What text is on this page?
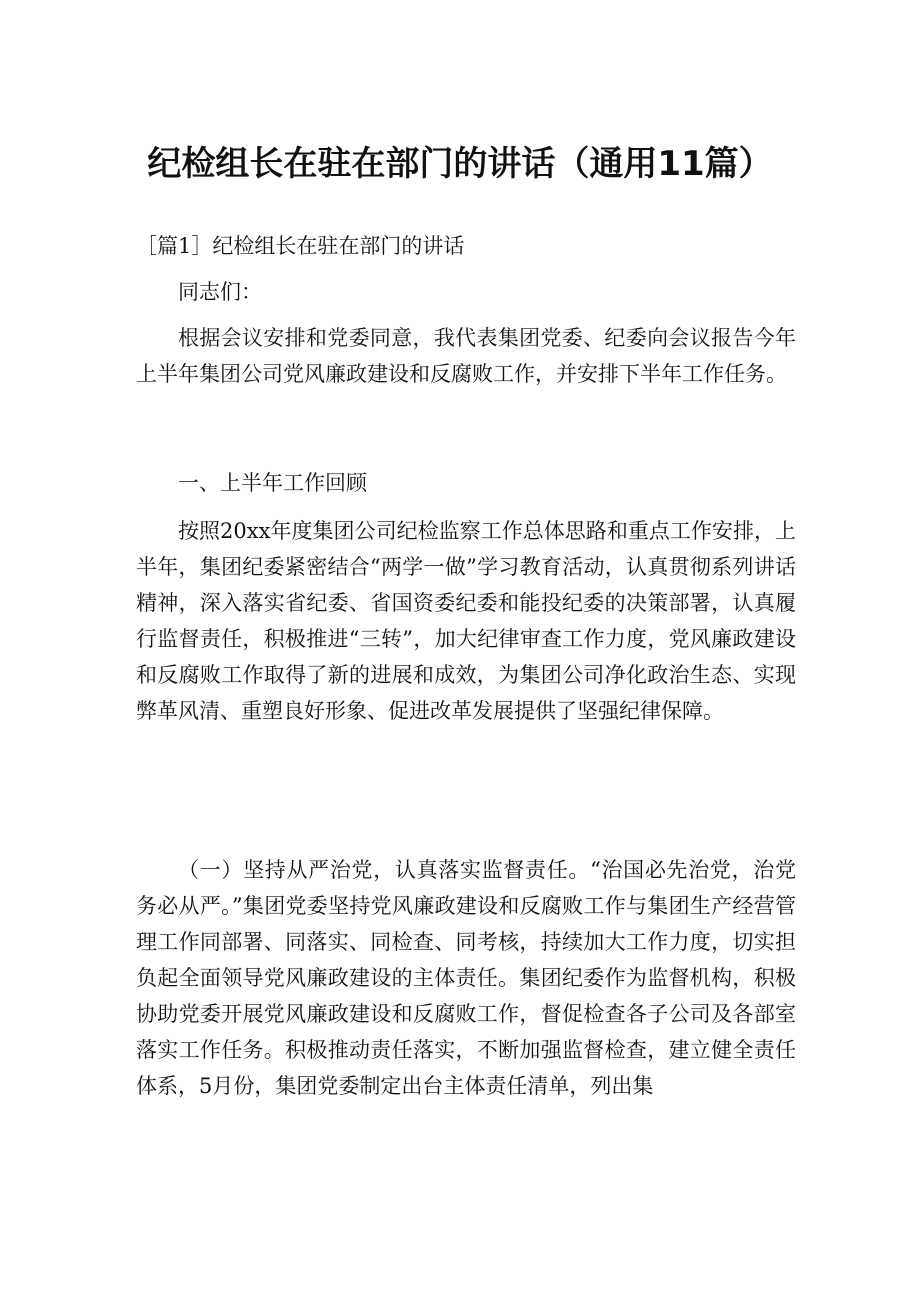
纪检组长在驻在部门的讲话（通用11篇）
［篇1］纪检组长在驻在部门的讲话
同志们：

根据会议安排和党委同意，我代表集团党委、纪委向会议报告今年上半年集团公司党风廉政建设和反腐败工作，并安排下半年工作任务。

一、上半年工作回顾

按照20xx年度集团公司纪检监察工作总体思路和重点工作安排，上半年，集团纪委紧密结合“两学一做”学习教育活动，认真贯彻系列讲话精神，深入落实省纪委、省国资委纪委和能投纪委的决策部署，认真履行监督责任，积极推进“三转”，加大纪律审查工作力度，党风廉政建设和反腐败工作取得了新的进展和成效，为集团公司净化政治生态、实现弊革风清、重塑良好形象、促进改革发展提供了坚强纪律保障。

（一）坚持从严治党，认真落实监督责任。“治国必先治党，治党务必从严。”集团党委坚持党风廉政建设和反腐败工作与集团生产经营管理工作同部署、同落实、同检查、同考核，持续加大工作力度，切实担负起全面领导党风廉政建设的主体责任。集团纪委作为监督机构，积极协助党委开展党风廉政建设和反腐败工作，督促检查各子公司及各部室落实工作任务。积极推动责任落实，不断加强监督检查，建立健全责任体系，5月份，集团党委制定出台主体责任清单，列出集
